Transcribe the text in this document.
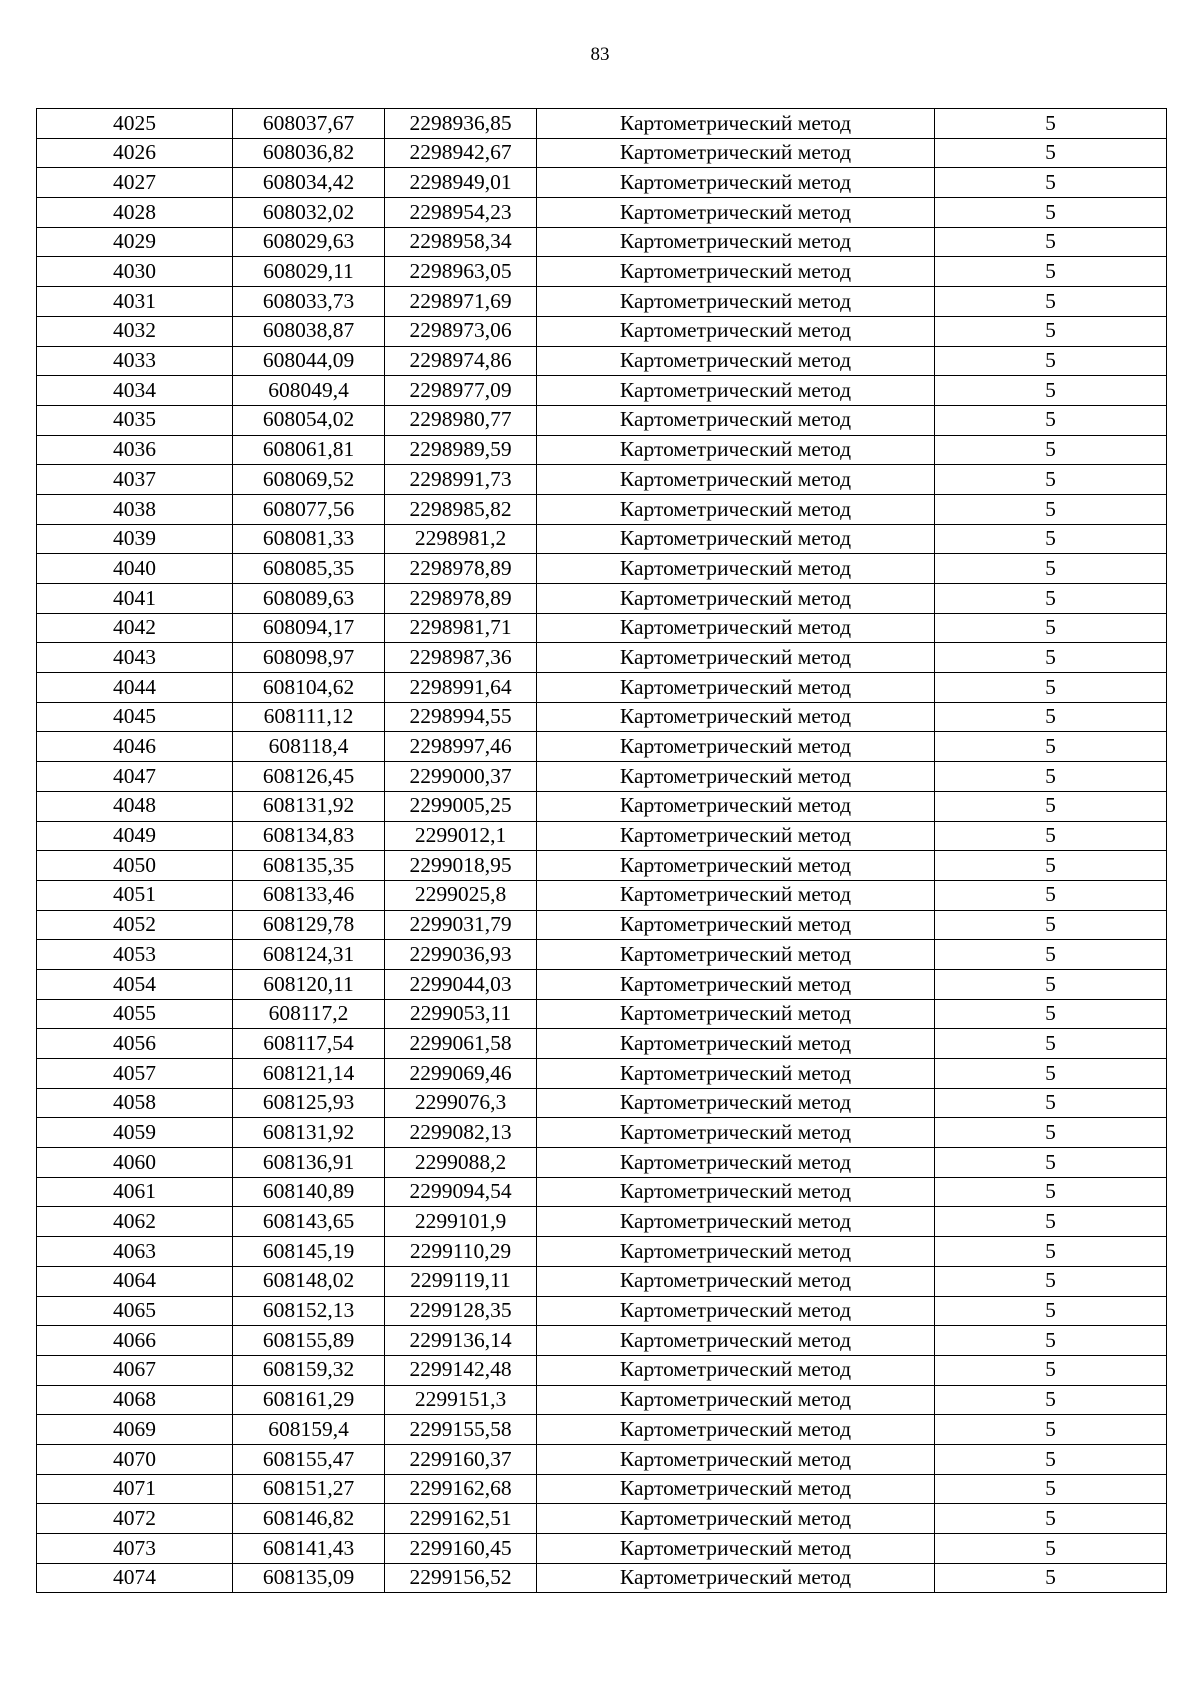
83
4025	608037,67	2298936,85	Картометрический метод	5
4026	608036,82	2298942,67	Картометрический метод	5
4027	608034,42	2298949,01	Картометрический метод	5
4028	608032,02	2298954,23	Картометрический метод	5
4029	608029,63	2298958,34	Картометрический метод	5
4030	608029,11	2298963,05	Картометрический метод	5
4031	608033,73	2298971,69	Картометрический метод	5
4032	608038,87	2298973,06	Картометрический метод	5
4033	608044,09	2298974,86	Картометрический метод	5
4034	608049,4	2298977,09	Картометрический метод	5
4035	608054,02	2298980,77	Картометрический метод	5
4036	608061,81	2298989,59	Картометрический метод	5
4037	608069,52	2298991,73	Картометрический метод	5
4038	608077,56	2298985,82	Картометрический метод	5
4039	608081,33	2298981,2	Картометрический метод	5
4040	608085,35	2298978,89	Картометрический метод	5
4041	608089,63	2298978,89	Картометрический метод	5
4042	608094,17	2298981,71	Картометрический метод	5
4043	608098,97	2298987,36	Картометрический метод	5
4044	608104,62	2298991,64	Картометрический метод	5
4045	608111,12	2298994,55	Картометрический метод	5
4046	608118,4	2298997,46	Картометрический метод	5
4047	608126,45	2299000,37	Картометрический метод	5
4048	608131,92	2299005,25	Картометрический метод	5
4049	608134,83	2299012,1	Картометрический метод	5
4050	608135,35	2299018,95	Картометрический метод	5
4051	608133,46	2299025,8	Картометрический метод	5
4052	608129,78	2299031,79	Картометрический метод	5
4053	608124,31	2299036,93	Картометрический метод	5
4054	608120,11	2299044,03	Картометрический метод	5
4055	608117,2	2299053,11	Картометрический метод	5
4056	608117,54	2299061,58	Картометрический метод	5
4057	608121,14	2299069,46	Картометрический метод	5
4058	608125,93	2299076,3	Картометрический метод	5
4059	608131,92	2299082,13	Картометрический метод	5
4060	608136,91	2299088,2	Картометрический метод	5
4061	608140,89	2299094,54	Картометрический метод	5
4062	608143,65	2299101,9	Картометрический метод	5
4063	608145,19	2299110,29	Картометрический метод	5
4064	608148,02	2299119,11	Картометрический метод	5
4065	608152,13	2299128,35	Картометрический метод	5
4066	608155,89	2299136,14	Картометрический метод	5
4067	608159,32	2299142,48	Картометрический метод	5
4068	608161,29	2299151,3	Картометрический метод	5
4069	608159,4	2299155,58	Картометрический метод	5
4070	608155,47	2299160,37	Картометрический метод	5
4071	608151,27	2299162,68	Картометрический метод	5
4072	608146,82	2299162,51	Картометрический метод	5
4073	608141,43	2299160,45	Картометрический метод	5
4074	608135,09	2299156,52	Картометрический метод	5
